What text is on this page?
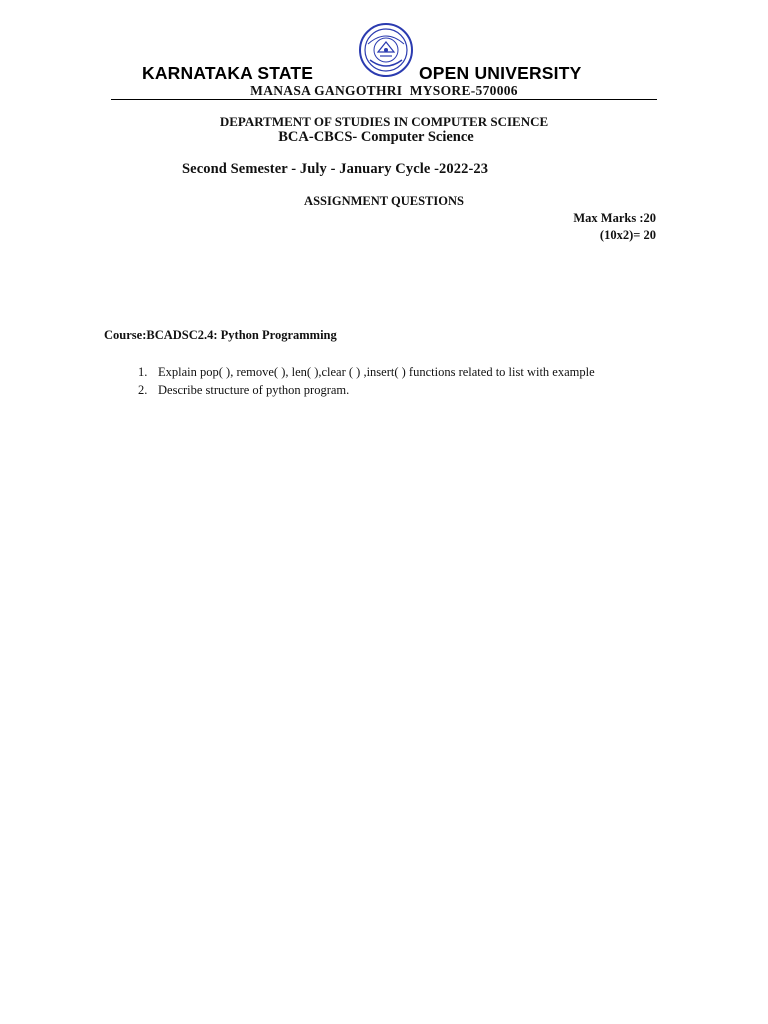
KARNATAKA STATE	OPEN UNIVERSITY
MANASA GANGOTHRI  MYSORE-570006
DEPARTMENT OF STUDIES IN COMPUTER SCIENCE
BCA-CBCS- Computer Science
Second Semester - July - January Cycle -2022-23
ASSIGNMENT QUESTIONS
Max Marks :20
(10x2)= 20
Course:BCADSC2.4: Python Programming
1. Explain pop( ), remove( ), len( ),clear ( ) ,insert( ) functions related to list with example
2. Describe structure of python program.
